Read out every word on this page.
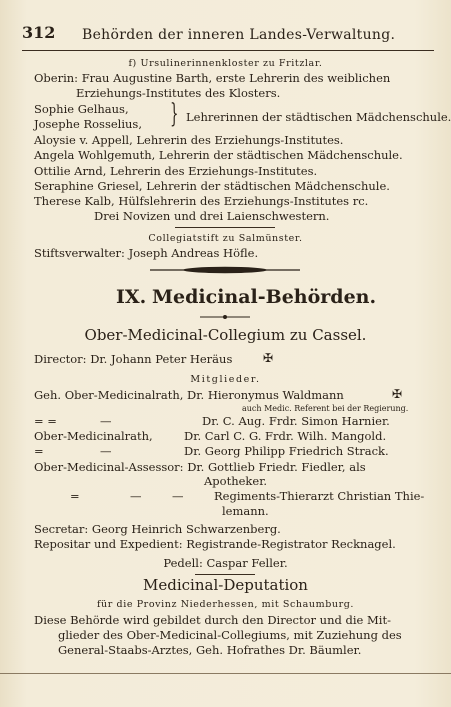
312 Behörden der inneren Landes-Verwaltung.
f) Ursulinerinnenkloster zu Fritzlar.
Oberin: Frau Augustine Barth, erste Lehrerin des weiblichen
Erziehungs-Institutes des Klosters.
Sophie Gelhaus,
Josephe Rosselius, } Lehrerinnen der städtischen Mädchenschule.
Aloysie v. Appell, Lehrerin des Erziehungs-Institutes.
Angela Wohlgemuth, Lehrerin der städtischen Mädchenschule.
Ottilie Arnd, Lehrerin des Erziehungs-Institutes.
Seraphine Griesel, Lehrerin der städtischen Mädchenschule.
Therese Kalb, Hülfslehrerin des Erziehungs-Institutes rc.
Drei Novizen und drei Laienschwestern.
Collegiatstift zu Salmünster.
Stiftsverwalter: Joseph Andreas Höfle.
IX. Medicinal-Behörden.
Ober-Medicinal-Collegium zu Cassel.
Director: Dr. Johann Peter Heräus	✠
Mitglieder.
Geh. Ober-Medicinalrath, Dr. Hieronymus Waldmann	✠
auch Medic. Referent bei der Regierung.
= =	—	Dr. C. Aug. Frdr. Simon Harnier.
Ober-Medicinalrath,	Dr. Carl C. G. Frdr. Wilh. Mangold.
=	—	Dr. Georg Philipp Friedrich Strack.
Ober-Medicinal-Assessor: Dr. Gottlieb Friedr. Fiedler, als
Apotheker.
=	—	—	Regiments-Thierarzt Christian Thie-
lemann.
Secretar: Georg Heinrich Schwarzenberg.
Repositar und Expedient: Registrande-Registrator Recknagel.
Pedell: Caspar Feller.
Medicinal-Deputation
für die Provinz Niederhessen, mit Schaumburg.
Diese Behörde wird gebildet durch den Director und die Mit-
glieder des Ober-Medicinal-Collegiums, mit Zuziehung des
General-Staabs-Arztes, Geh. Hofrathes Dr. Bäumler.
